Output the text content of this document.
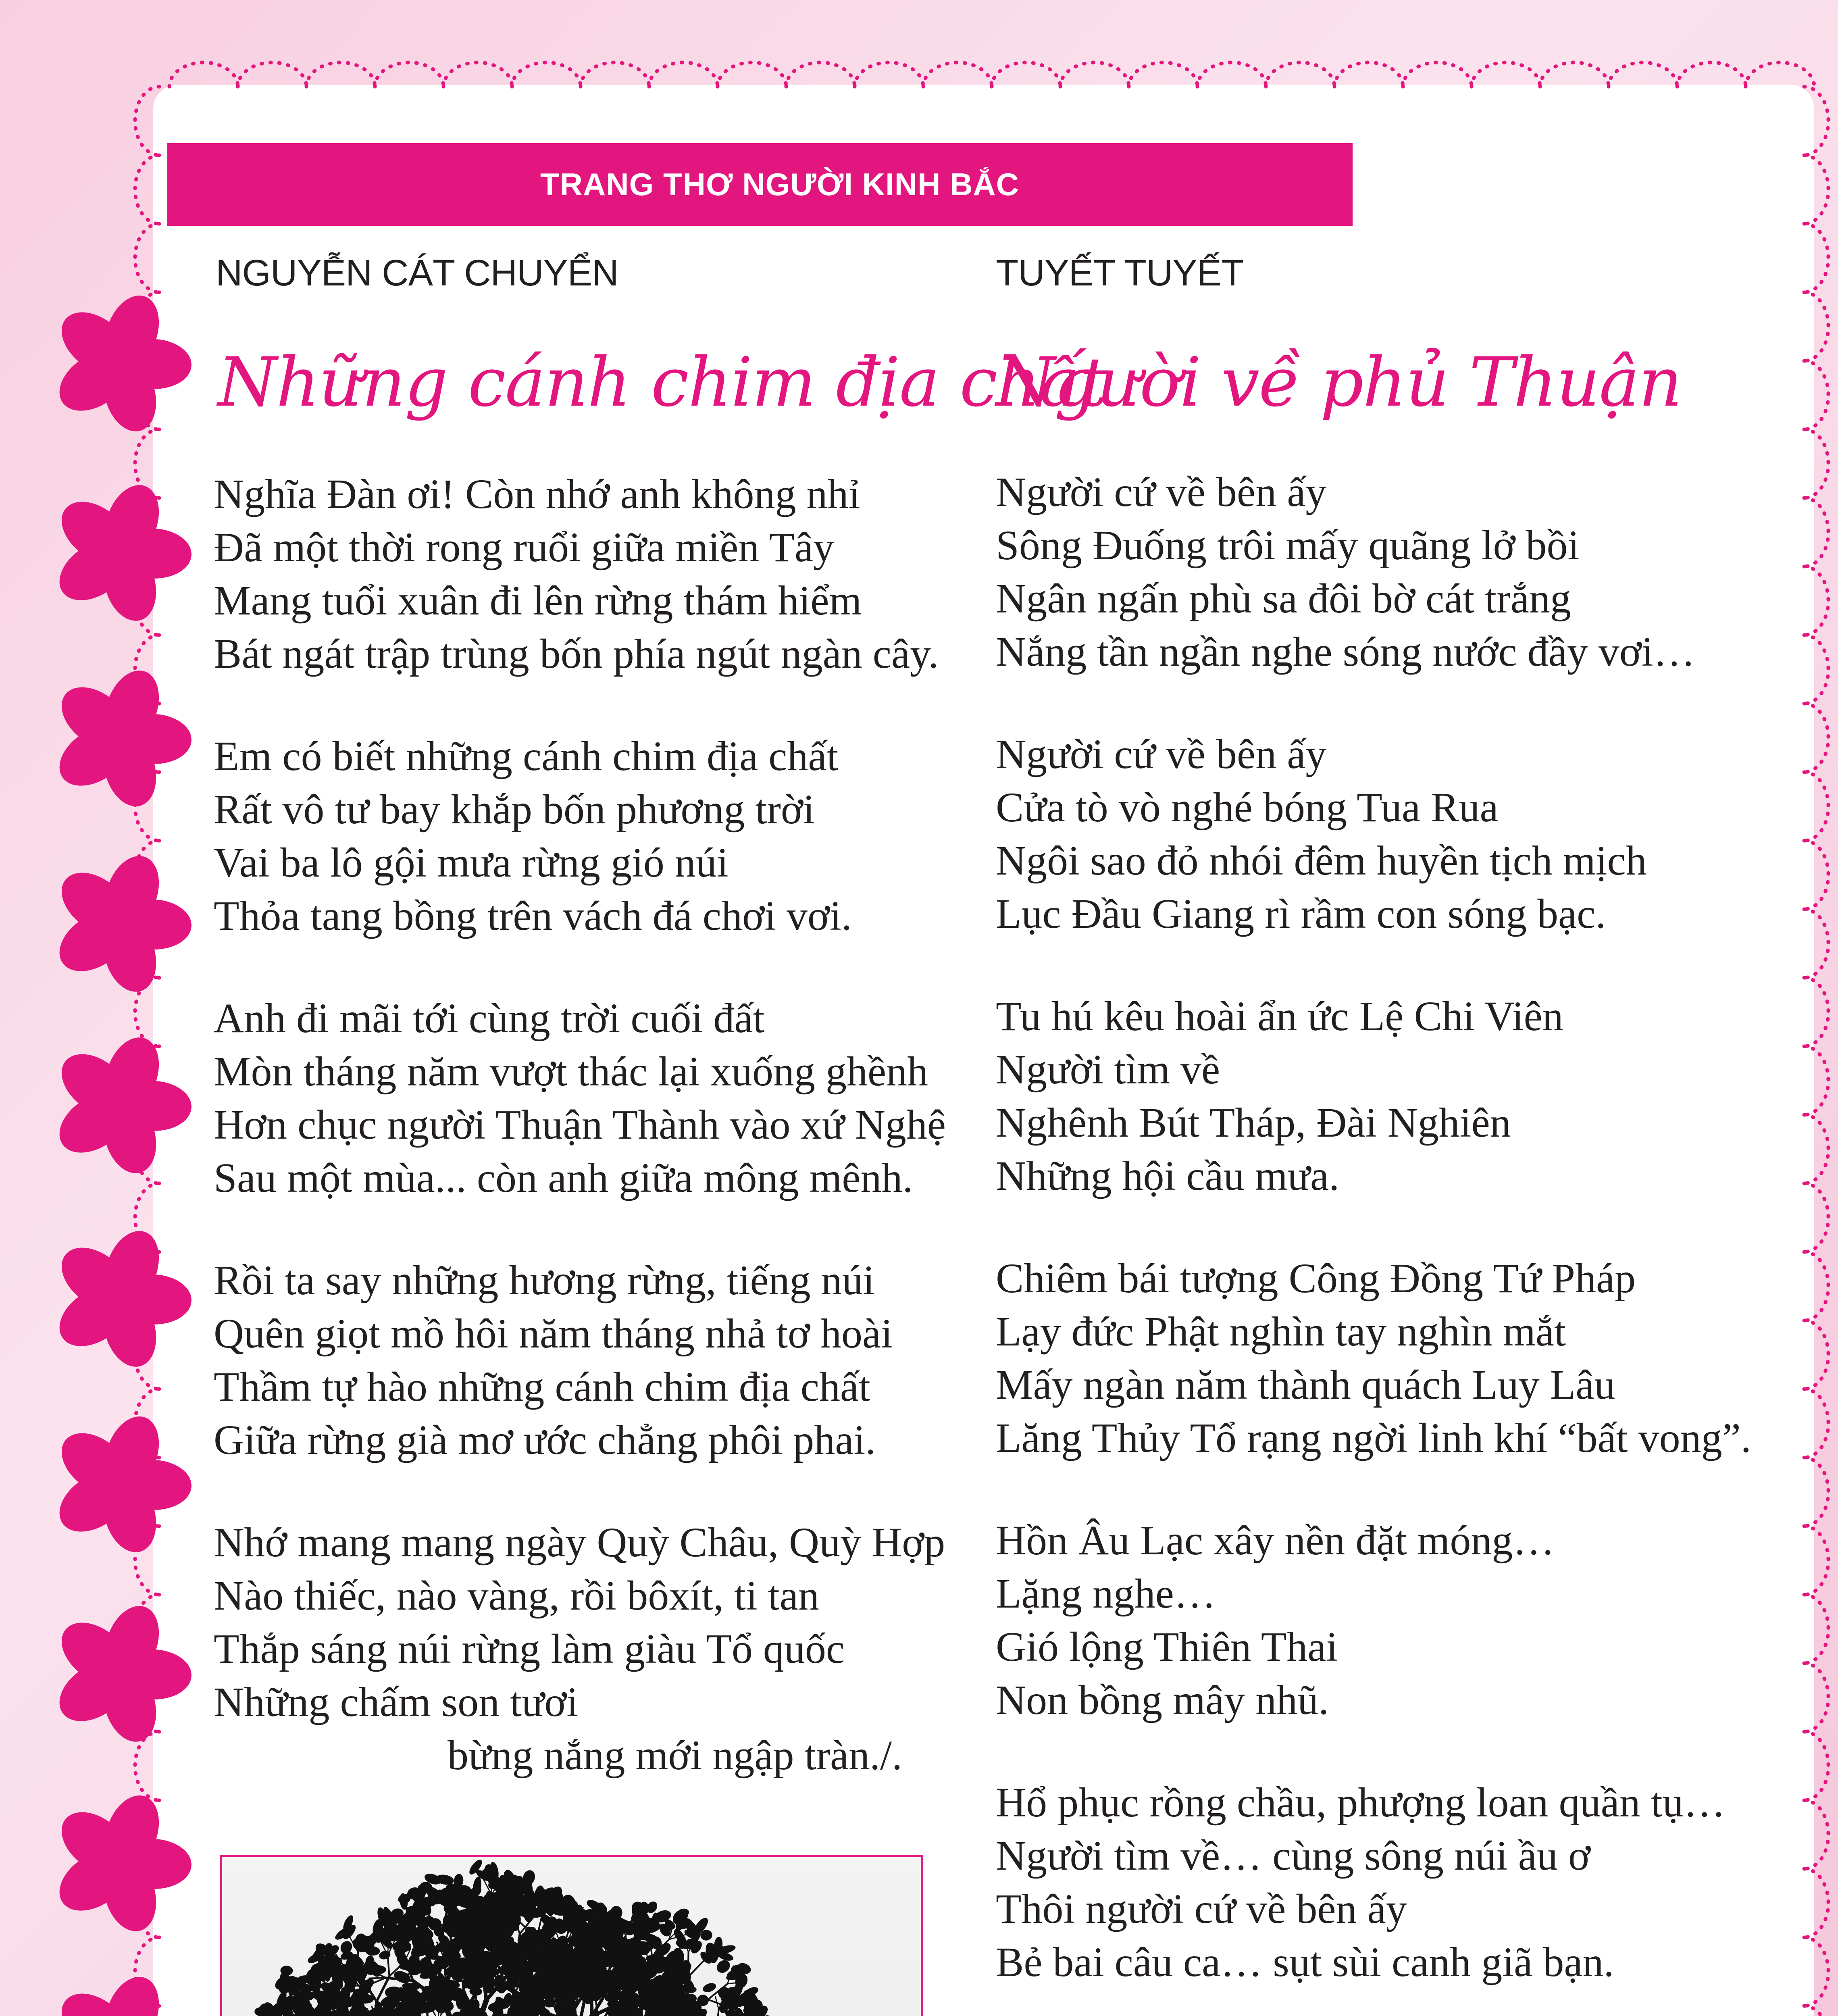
TRANG THƠ NGƯỜI KINH BẮC
NGUYỄN CÁT CHUYỂN	TUYẾT TUYẾT
Những cánh chim địa chất
Người về phủ Thuận
Nghĩa Đàn ơi! Còn nhớ anh không nhỉ
Đã một thời rong ruổi giữa miền Tây
Mang tuổi xuân đi lên rừng thám hiểm
Bát ngát trập trùng bốn phía ngút ngàn cây.
Em có biết những cánh chim địa chất
Rất vô tư bay khắp bốn phương trời
Vai ba lô gội mưa rừng gió núi
Thỏa tang bồng trên vách đá chơi vơi.
Anh đi mãi tới cùng trời cuối đất
Mòn tháng năm vượt thác lại xuống ghềnh
Hơn chục người Thuận Thành vào xứ Nghệ
Sau một mùa... còn anh giữa mông mênh.
Rồi ta say những hương rừng, tiếng núi
Quên giọt mồ hôi năm tháng nhả tơ hoài
Thầm tự hào những cánh chim địa chất
Giữa rừng già mơ ước chẳng phôi phai.
Nhớ mang mang ngày Quỳ Châu, Quỳ Hợp
Nào thiếc, nào vàng, rồi bôxít, ti tan
Thắp sáng núi rừng làm giàu Tổ quốc
Những chấm son tươi
bừng nắng mới ngập tràn./.
Người cứ về bên ấy
Sông Đuống trôi mấy quãng lở bồi
Ngân ngấn phù sa đôi bờ cát trắng
Nắng tần ngần nghe sóng nước đầy vơi…
Người cứ về bên ấy
Cửa tò vò nghé bóng Tua Rua
Ngôi sao đỏ nhói đêm huyền tịch mịch
Lục Đầu Giang rì rầm con sóng bạc.
Tu hú kêu hoài ẩn ức Lệ Chi Viên
Người tìm về
Nghênh Bút Tháp, Đài Nghiên
Những hội cầu mưa.
Chiêm bái tượng Công Đồng Tứ Pháp
Lạy đức Phật nghìn tay nghìn mắt
Mấy ngàn năm thành quách Luy Lâu
Lăng Thủy Tổ rạng ngời linh khí “bất vong”.
Hồn Âu Lạc xây nền đặt móng…
Lặng nghe…
Gió lộng Thiên Thai
Non bồng mây nhũ.
Hổ phục rồng chầu, phượng loan quần tụ…
Người tìm về… cùng sông núi ầu ơ
Thôi người cứ về bên ấy
Bẻ bai câu ca… sụt sùi canh giã bạn.
